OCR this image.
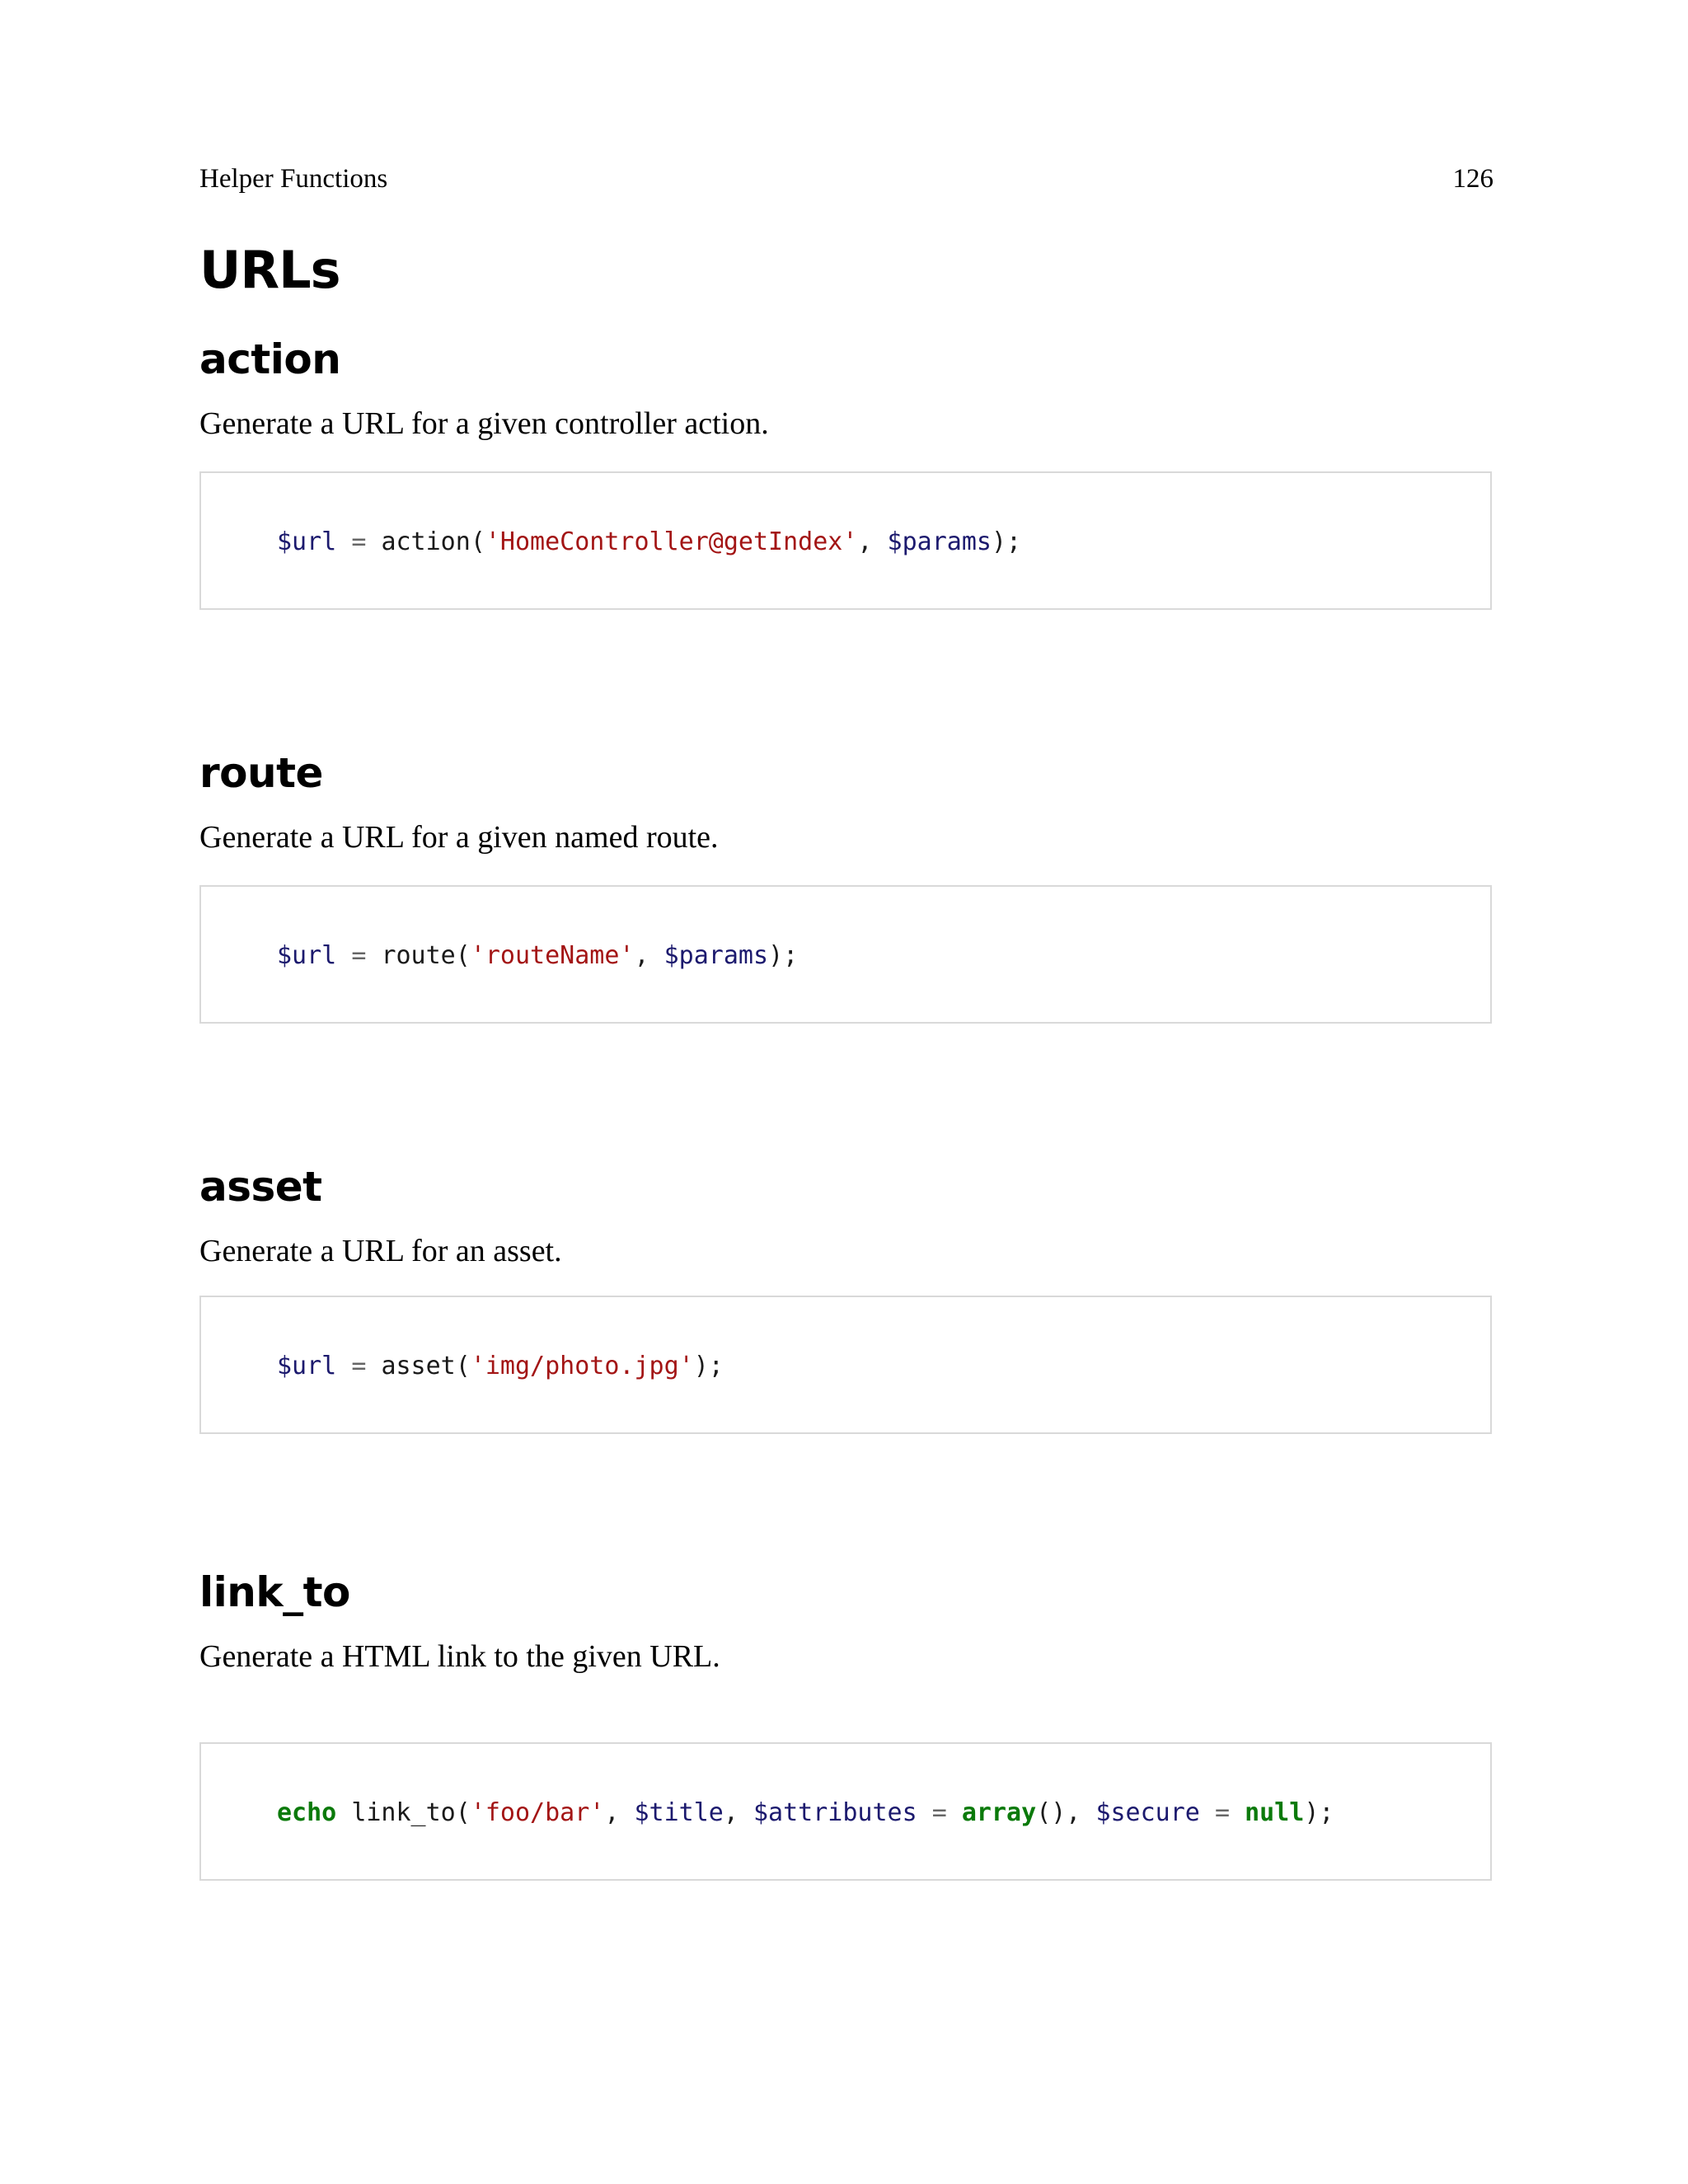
Helper Functions	126
URLs
action

Generate a URL for a given controller action.

$url = action('HomeController@getIndex', $params);
route

Generate a URL for a given named route.

$url = route('routeName', $params);
asset

Generate a URL for an asset.

$url = asset('img/photo.jpg');
link_to

Generate a HTML link to the given URL.

echo link_to('foo/bar', $title, $attributes = array(), $secure = null);
